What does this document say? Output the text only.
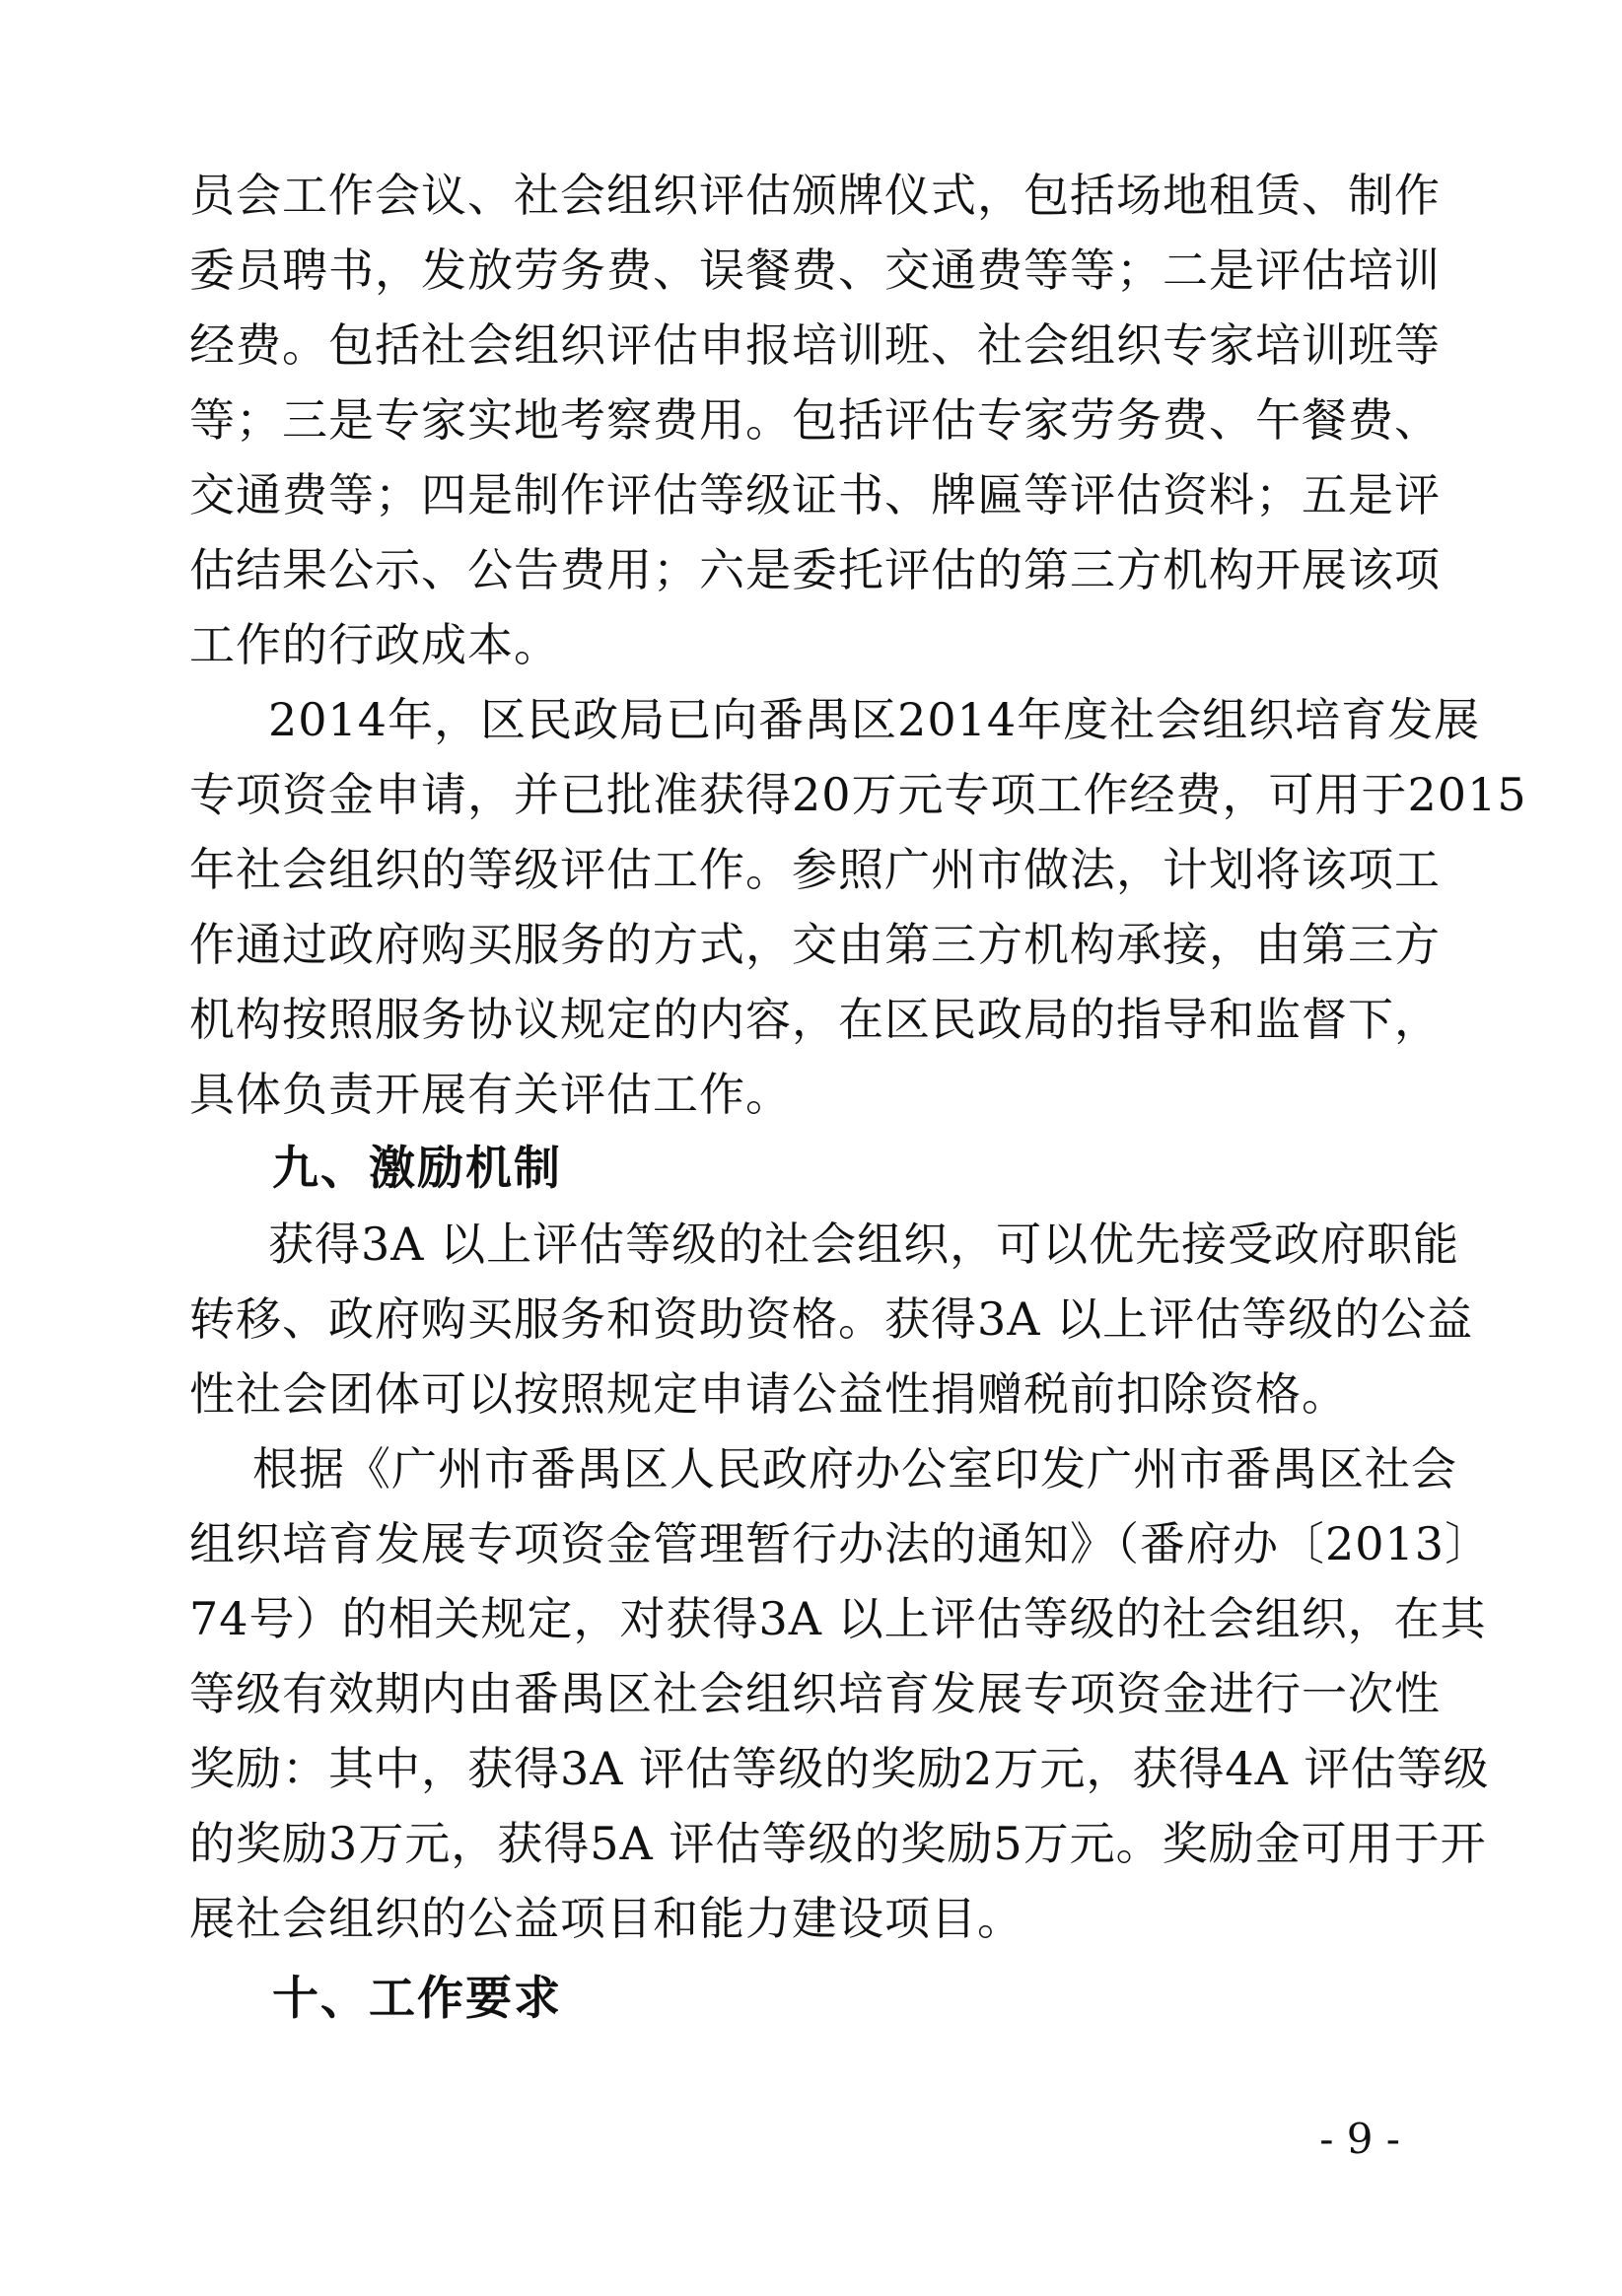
员会工作会议、社会组织评估颁牌仪式，包括场地租赁、制作
委员聘书，发放劳务费、误餐费、交通费等等；二是评估培训
经费。包括社会组织评估申报培训班、社会组织专家培训班等
等；三是专家实地考察费用。包括评估专家劳务费、午餐费、
交通费等；四是制作评估等级证书、牌匾等评估资料；五是评
估结果公示、公告费用；六是委托评估的第三方机构开展该项
工作的行政成本。
2014年，区民政局已向番禺区2014年度社会组织培育发展
专项资金申请，并已批准获得20万元专项工作经费，可用于2015
年社会组织的等级评估工作。参照广州市做法，计划将该项工
作通过政府购买服务的方式，交由第三方机构承接，由第三方
机构按照服务协议规定的内容，在区民政局的指导和监督下，
具体负责开展有关评估工作。
九、激励机制
获得3A 以上评估等级的社会组织，可以优先接受政府职能
转移、政府购买服务和资助资格。获得3A 以上评估等级的公益
性社会团体可以按照规定申请公益性捐赠税前扣除资格。
根据《广州市番禺区人民政府办公室印发广州市番禺区社会
组织培育发展专项资金管理暂行办法的通知》（番府办〔2013〕
74号）的相关规定，对获得3A 以上评估等级的社会组织，在其
等级有效期内由番禺区社会组织培育发展专项资金进行一次性
奖励：其中，获得3A 评估等级的奖励2万元，获得4A 评估等级
的奖励3万元，获得5A 评估等级的奖励5万元。奖励金可用于开
展社会组织的公益项目和能力建设项目。
十、工作要求
- 9 -
